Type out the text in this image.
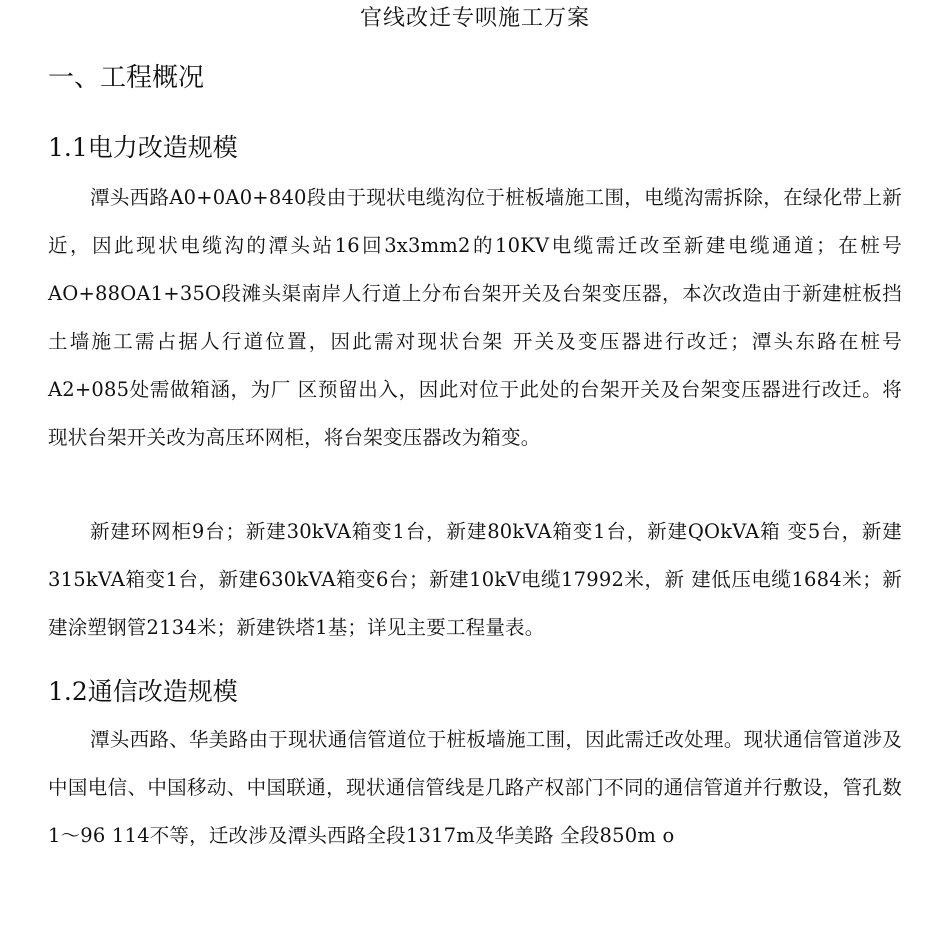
官线改迁专呗施工万案
一、工程概况
1.1电力改造规模

潭头西路A0+0A0+840段由于现状电缆沟位于桩板墙施工围，电缆沟需拆除，在绿化带上新近，因此现状电缆沟的潭头站16回3x3mm2的10KV电缆需迁改至新建电缆通道；在桩号AO+88OA1+35O段滩头渠南岸人行道上分布台架开关及台架变压器，本次改造由于新建桩板挡土墙施工需占据人行道位置，因此需对现状台架 开关及变压器进行改迁；潭头东路在桩号A2+085处需做箱涵，为厂 区预留出入，因此对位于此处的台架开关及台架变压器进行改迁。将现状台架开关改为高压环网柜，将台架变压器改为箱变。

新建环网柜9台；新建30kVA箱变1台，新建80kVA箱变1台，新建QOkVA箱 变5台，新建315kVA箱变1台，新建630kVA箱变6台；新建10kV电缆17992米，新 建低压电缆1684米；新建涂塑钢管2134米；新建铁塔1基；详见主要工程量表。

1.2通信改造规模

潭头西路、华美路由于现状通信管道位于桩板墙施工围，因此需迁改处理。现状通信管道涉及中国电信、中国移动、中国联通，现状通信管线是几路产权部门不同的通信管道并行敷设，管孔数1〜96 114不等，迁改涉及潭头西路全段1317m及华美路 全段850m o
